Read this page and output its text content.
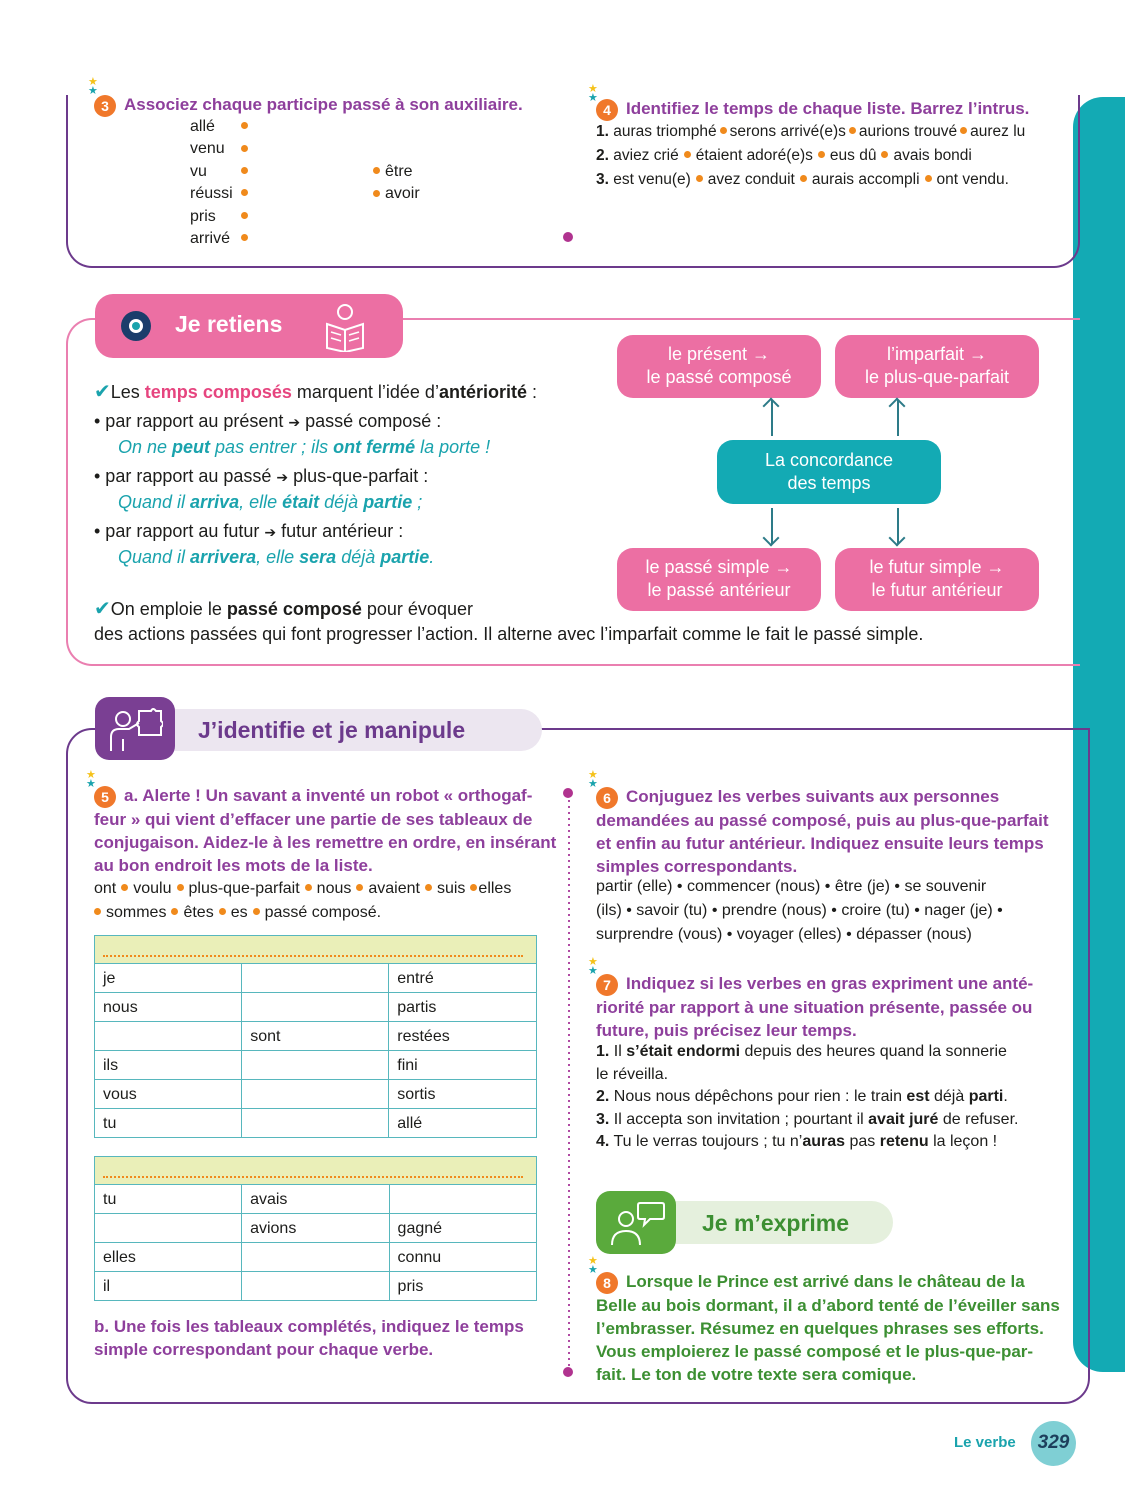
★
★
3 Associez chaque participe passé à son auxiliaire.
allé
venu
vu
réussi
pris
arrivé
être
avoir
★
★
4 Identifiez le temps de chaque liste. Barrez l’intrus.
1. auras triomphé serons arrivé(e)s aurions trouvé aurez lu
2. aviez crié étaient adoré(e)s eus dû avais bondi
3. est venu(e) avez conduit aurais accompli ont vendu.
Je retiens
✔Les temps composés marquent l’idée d’antériorité :
• par rapport au présent ➔ passé composé :
On ne peut pas entrer ; ils ont fermé la porte !
• par rapport au passé ➔ plus-que-parfait :
Quand il arriva, elle était déjà partie ;
• par rapport au futur ➔ futur antérieur :
Quand il arrivera, elle sera déjà partie.
✔On emploie le passé composé pour évoquer
des actions passées qui font progresser l’action. Il alterne avec l’imparfait comme le fait le passé simple.
le présent →
le passé composé
l’imparfait →
le plus-que-parfait
La concordance
des temps
le passé simple →
le passé antérieur
le futur simple →
le futur antérieur
J’identifie et je manipule
★
★
5 a. Alerte ! Un savant a inventé un robot « orthogaf-
feur » qui vient d’effacer une partie de ses tableaux de
conjugaison. Aidez-le à les remettre en ordre, en insérant
au bon endroit les mots de la liste.
ont voulu plus-que-parfait nous avaient suis elles
sommes êtes es passé composé.

je		entré
nous		partis
	sont	restées
ils		fini
vous		sortis
tu		allé

tu	avais	
	avions	gagné
elles		connu
il		pris
b. Une fois les tableaux complétés, indiquez le temps
simple correspondant pour chaque verbe.
★
★
6 Conjuguez les verbes suivants aux personnes
demandées au passé composé, puis au plus-que-parfait
et enfin au futur antérieur. Indiquez ensuite leurs temps
simples correspondants.
partir (elle) • commencer (nous) • être (je) • se souvenir
(ils) • savoir (tu) • prendre (nous) • croire (tu) • nager (je) •
surprendre (vous) • voyager (elles) • dépasser (nous)
★
★
7 Indiquez si les verbes en gras expriment une anté-
riorité par rapport à une situation présente, passée ou
future, puis précisez leur temps.
1. Il s’était endormi depuis des heures quand la sonnerie
le réveilla.
2. Nous nous dépêchons pour rien : le train est déjà parti.
3. Il accepta son invitation ; pourtant il avait juré de refuser.
4. Tu le verras toujours ; tu n’auras pas retenu la leçon !
Je m’exprime
★
★
8 Lorsque le Prince est arrivé dans le château de la
Belle au bois dormant, il a d’abord tenté de l’éveiller sans
l’embrasser. Résumez en quelques phrases ses efforts.
Vous emploierez le passé composé et le plus-que-par-
fait. Le ton de votre texte sera comique.
Le verbe	329
